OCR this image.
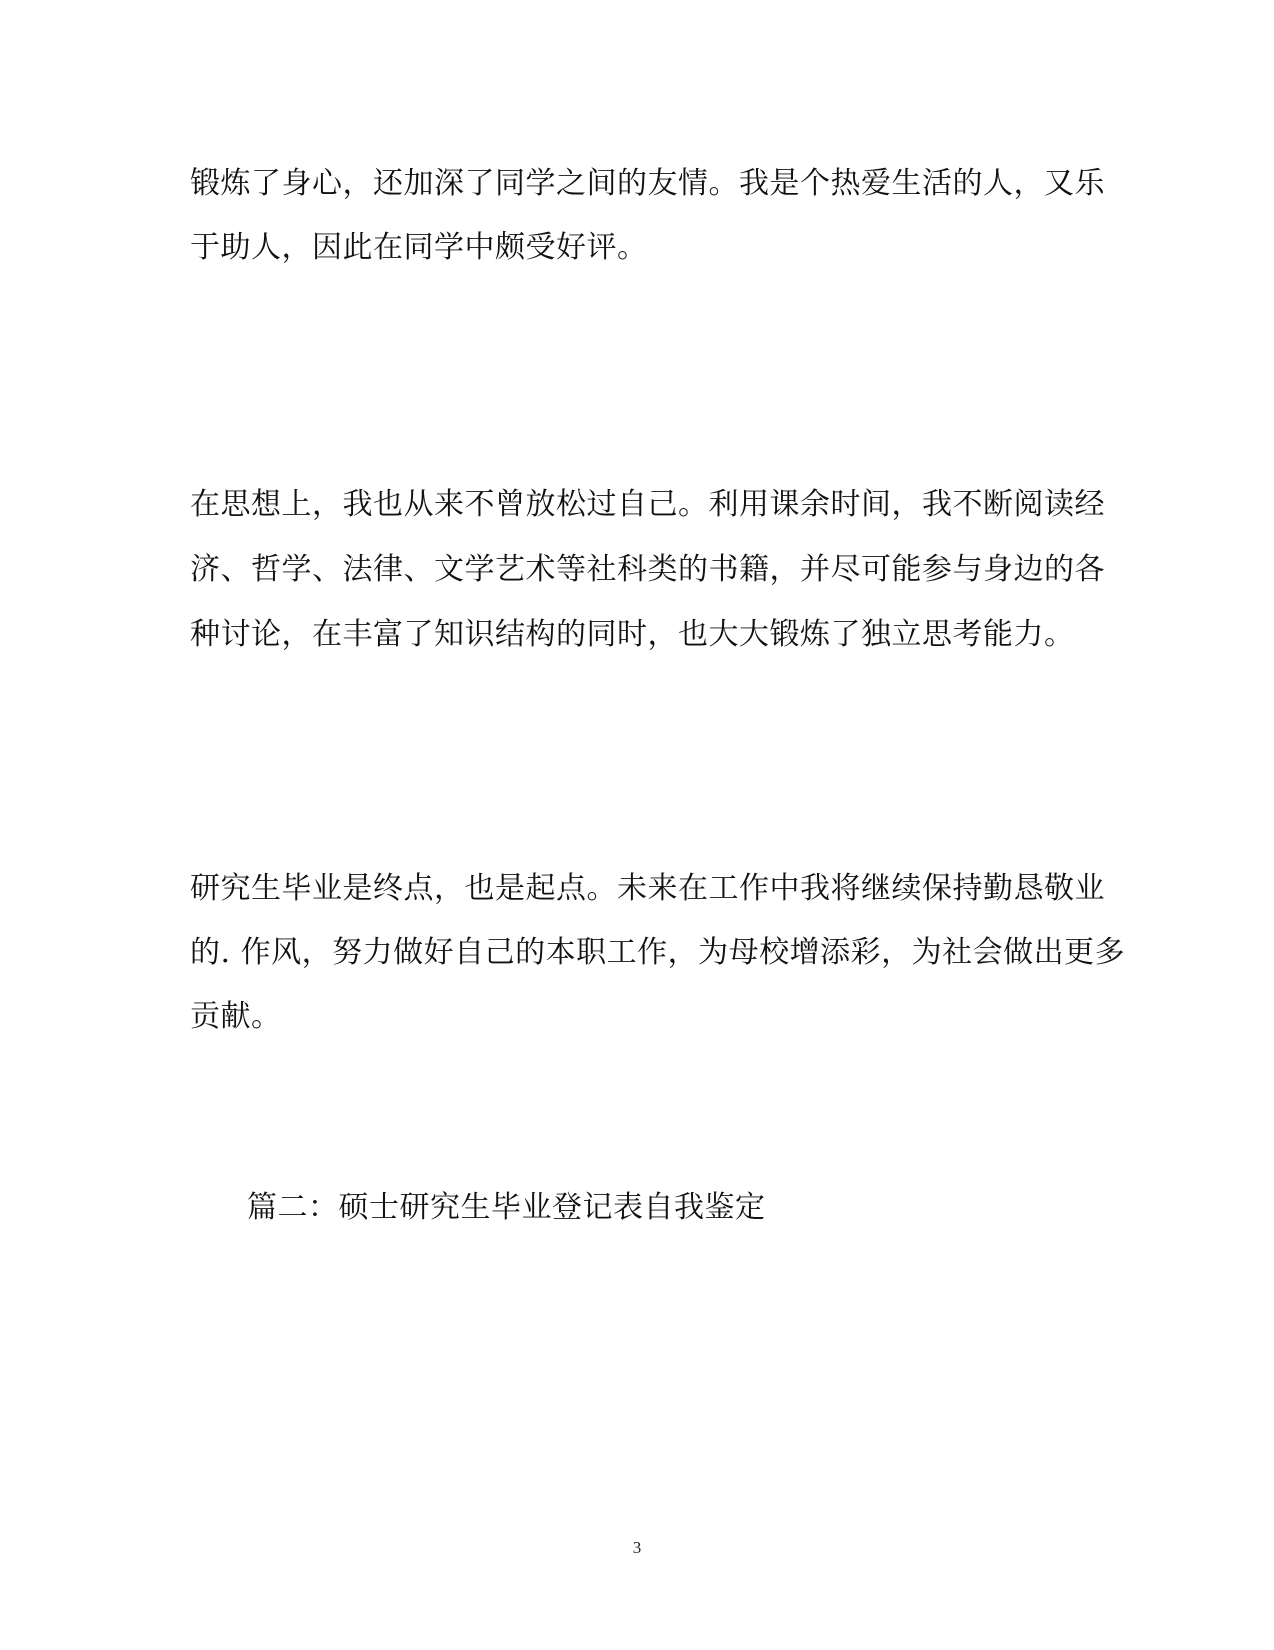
锻炼了身心，还加深了同学之间的友情。我是个热爱生活的人，又乐
于助人，因此在同学中颇受好评。
在思想上，我也从来不曾放松过自己。利用课余时间，我不断阅读经
济、哲学、法律、文学艺术等社科类的书籍，并尽可能参与身边的各
种讨论，在丰富了知识结构的同时，也大大锻炼了独立思考能力。
研究生毕业是终点，也是起点。未来在工作中我将继续保持勤恳敬业
的. 作风，努力做好自己的本职工作，为母校增添彩，为社会做出更多
贡献。
篇二：硕士研究生毕业登记表自我鉴定
3
